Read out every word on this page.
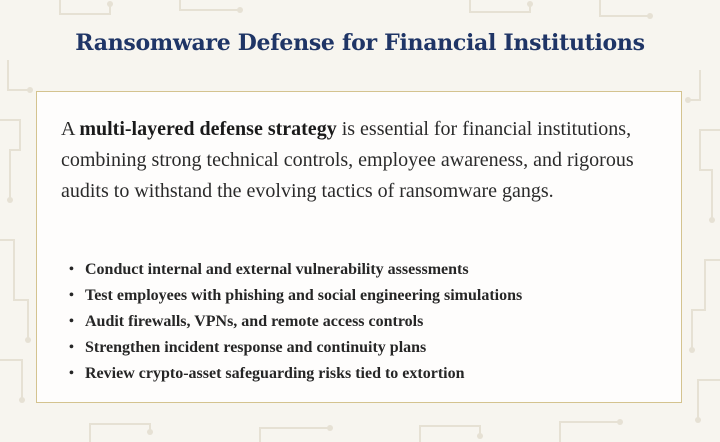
Ransomware Defense for Financial Institutions

A multi-layered defense strategy is essential for financial institutions, combining strong technical controls, employee awareness, and rigorous audits to withstand the evolving tactics of ransomware gangs.

• Conduct internal and external vulnerability assessments
• Test employees with phishing and social engineering simulations
• Audit firewalls, VPNs, and remote access controls
• Strengthen incident response and continuity plans
• Review crypto-asset safeguarding risks tied to extortion
